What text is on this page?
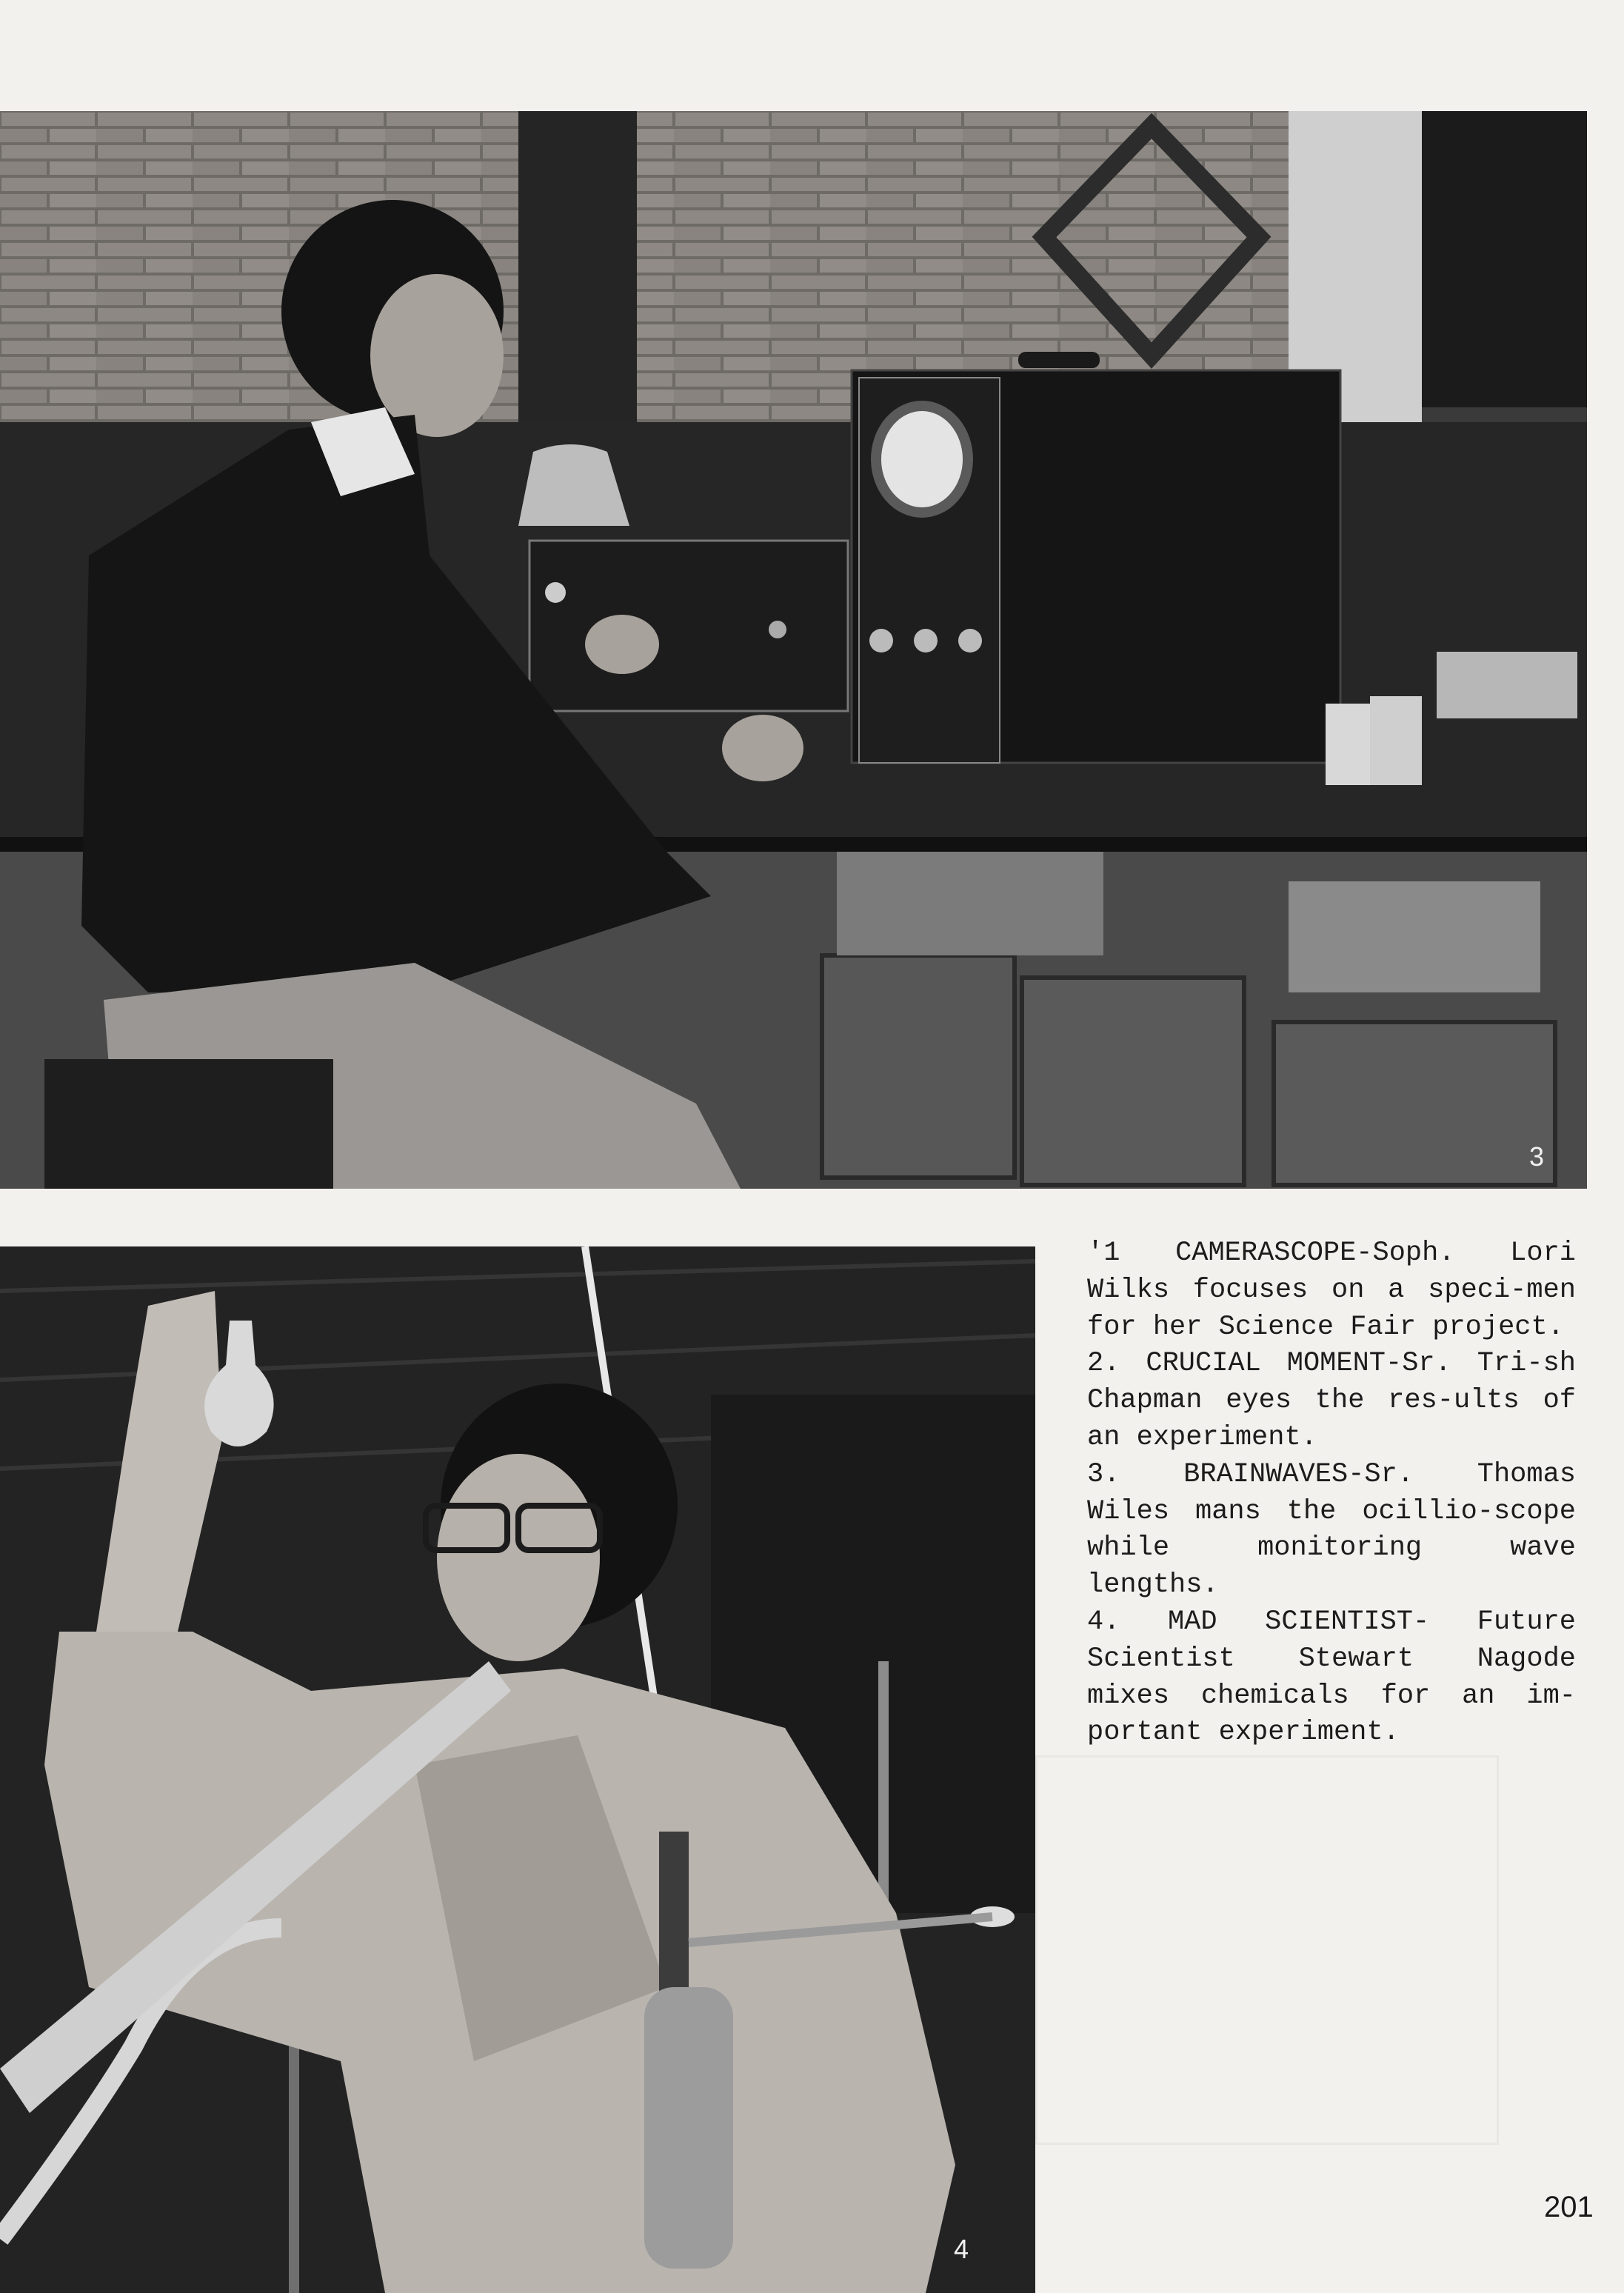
3
4

'1 CAMERASCOPE-Soph. Lori Wilks focuses on a speci-men for her Science Fair project.

2. CRUCIAL MOMENT-Sr. Tri-sh Chapman eyes the res-ults of an experiment.

3. BRAINWAVES-Sr. Thomas Wiles mans the ocillio-scope while monitoring wave lengths.

4. MAD SCIENTIST- Future Scientist Stewart Nagode mixes chemicals for an im-portant experiment.

201
